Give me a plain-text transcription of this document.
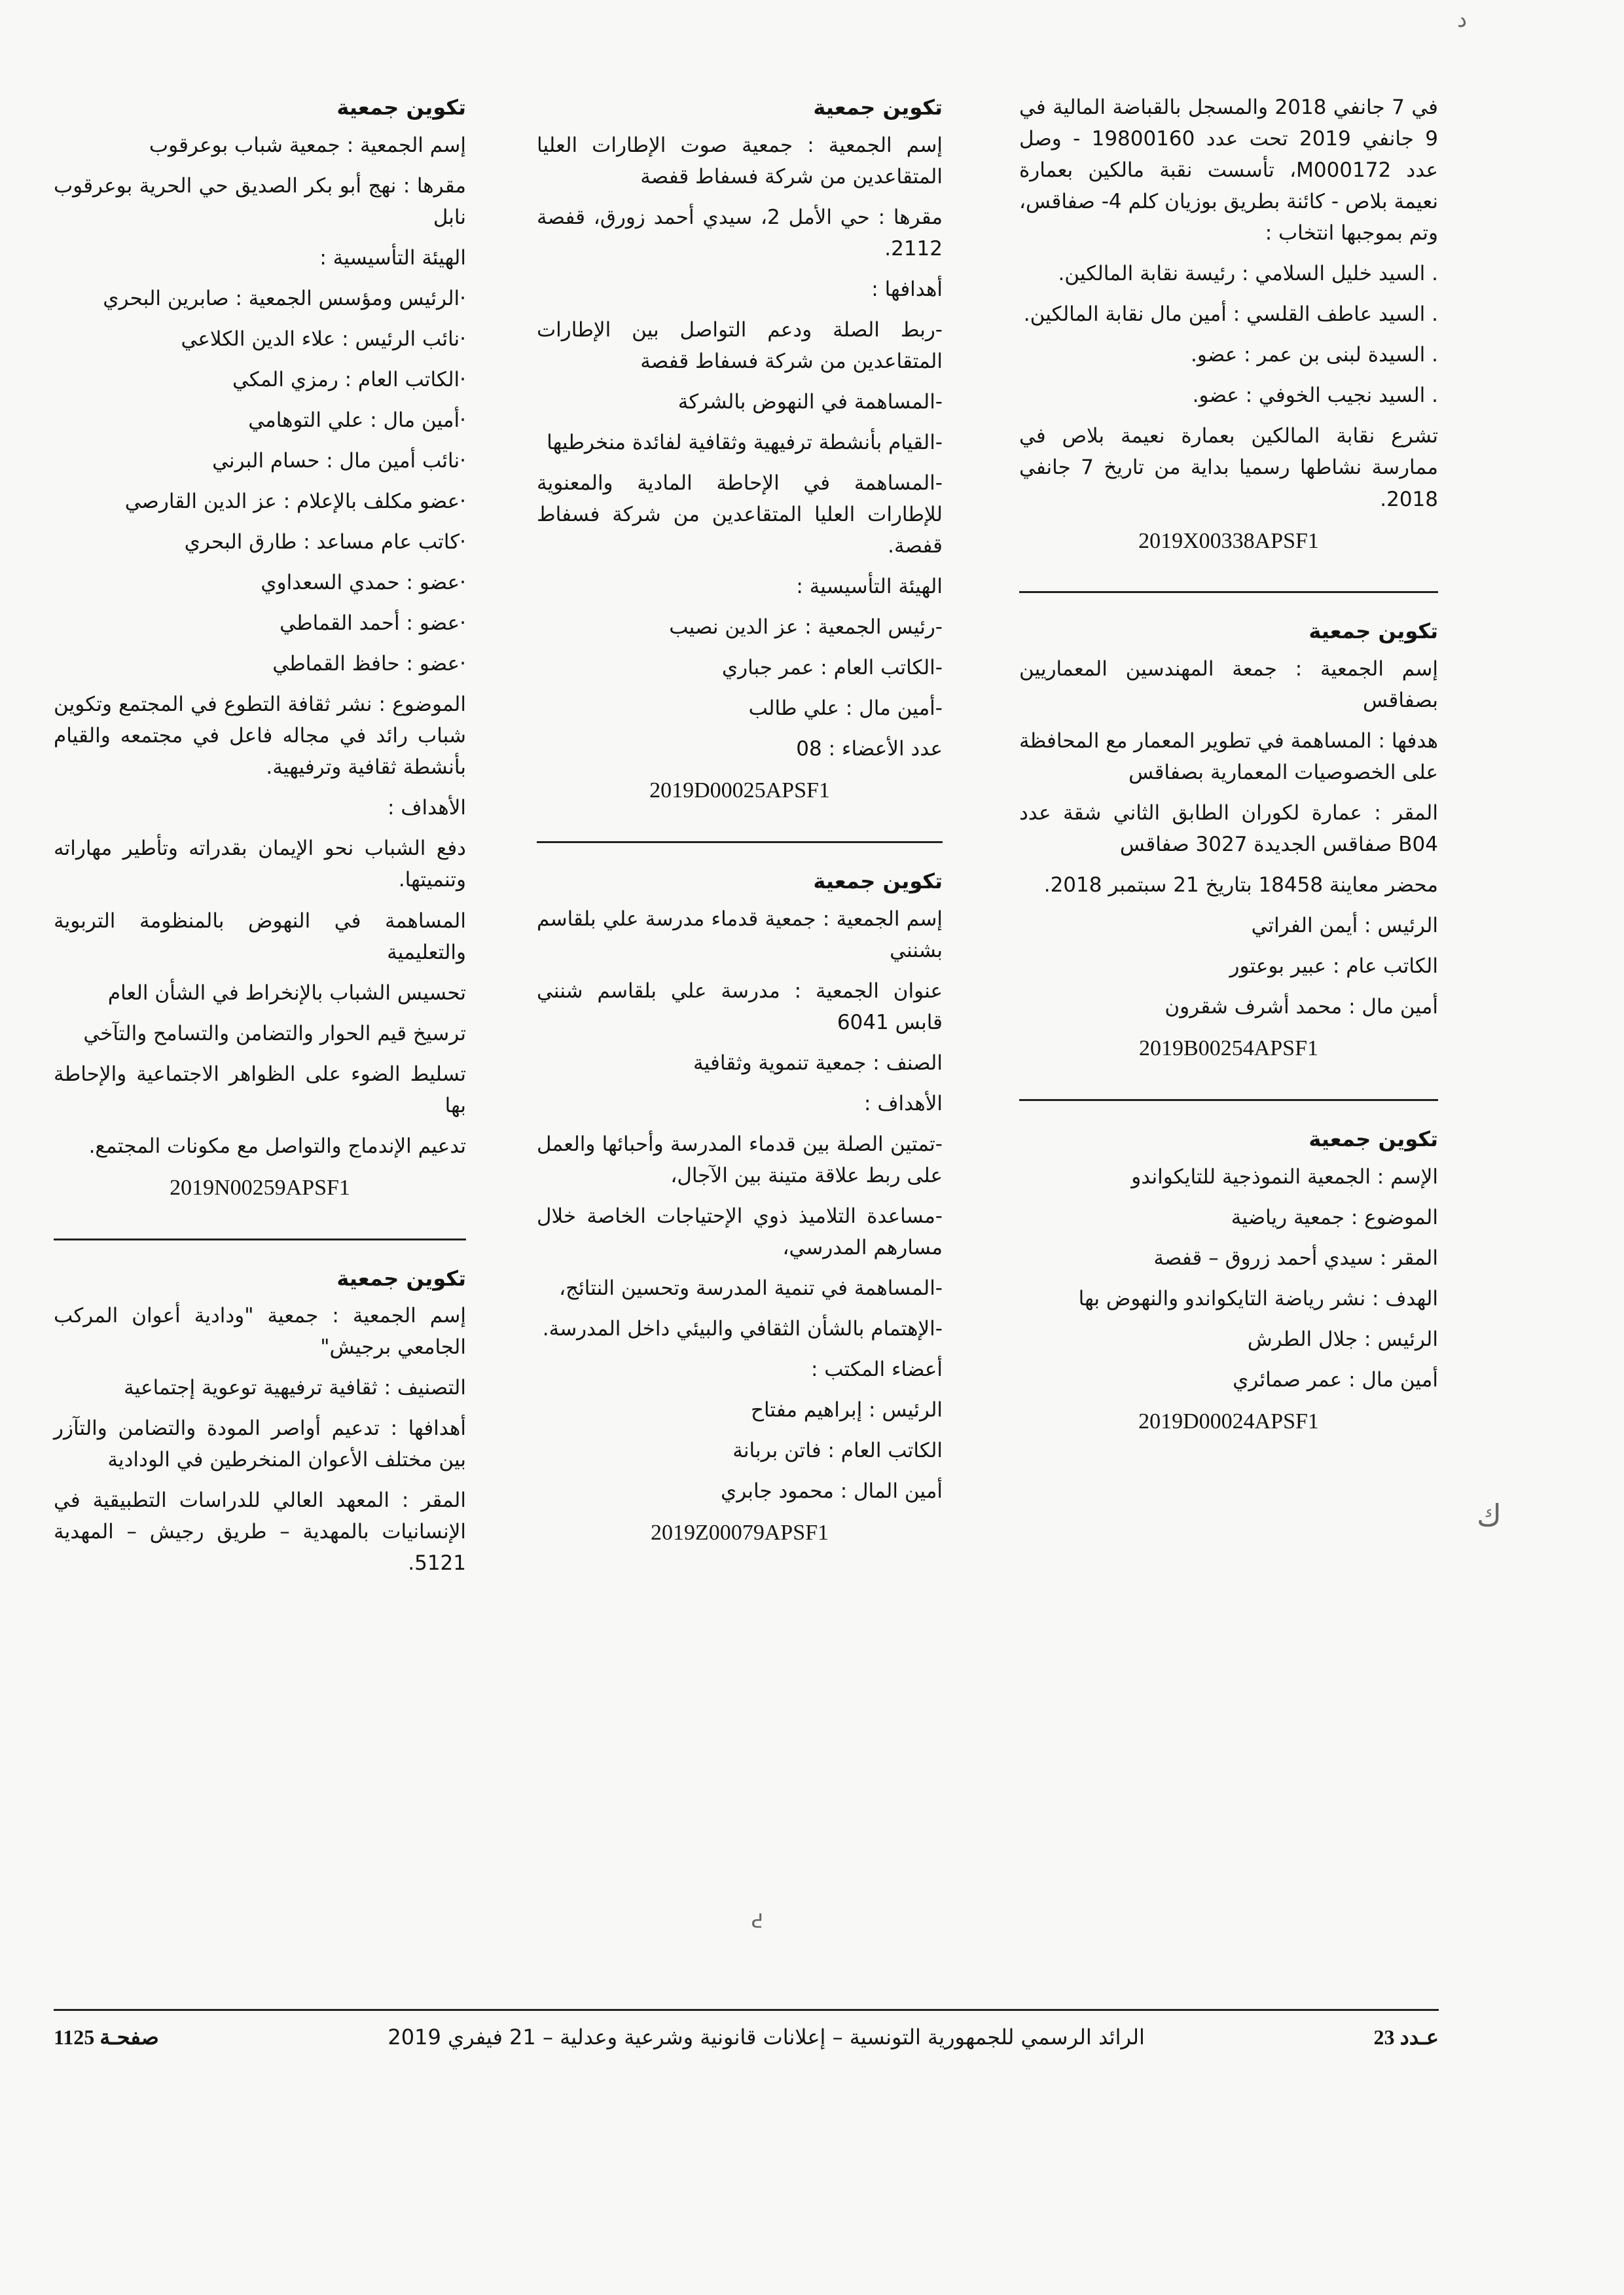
في 7 جانفي 2018 والمسجل بالقباضة المالية في 9 جانفي 2019 تحت عدد 19800160 - وصل عدد M000172، تأسست نقبة مالكين بعمارة نعيمة بلاص - كائنة بطريق بوزيان كلم 4- صفاقس، وتم بموجبها انتخاب :

. السيد خليل السلامي : رئيسة نقابة المالكين.

. السيد عاطف القلسي : أمين مال نقابة المالكين.

. السيدة لبنى بن عمر : عضو.

. السيد نجيب الخوفي : عضو.

تشرع نقابة المالكين بعمارة نعيمة بلاص في ممارسة نشاطها رسميا بداية من تاريخ 7 جانفي 2018.

2019X00338APSF1

تكوين جمعية

إسم الجمعية : جمعة المهندسين المعماريين بصفاقس

هدفها : المساهمة في تطوير المعمار مع المحافظة على الخصوصيات المعمارية بصفاقس

المقر : عمارة لكوران الطابق الثاني شقة عدد B04 صفاقس الجديدة 3027 صفاقس

محضر معاينة 18458 بتاريخ 21 سبتمبر 2018.

الرئيس : أيمن الفراتي

الكاتب عام : عبير بوعتور

أمين مال : محمد أشرف شقرون

2019B00254APSF1

تكوين جمعية

الإسم : الجمعية النموذجية للتايكواندو

الموضوع : جمعية رياضية

المقر : سيدي أحمد زروق – قفصة

الهدف : نشر رياضة التايكواندو والنهوض بها

الرئيس : جلال الطرش

أمين مال : عمر صمائري

2019D00024APSF1

تكوين جمعية

إسم الجمعية : جمعية صوت الإطارات العليا المتقاعدين من شركة فسفاط قفصة

مقرها : حي الأمل 2، سيدي أحمد زورق، قفصة 2112.

أهدافها :

-ربط الصلة ودعم التواصل بين الإطارات المتقاعدين من شركة فسفاط قفصة

-المساهمة في النهوض بالشركة

-القيام بأنشطة ترفيهية وثقافية لفائدة منخرطيها

-المساهمة في الإحاطة المادية والمعنوية للإطارات العليا المتقاعدين من شركة فسفاط قفصة.

الهيئة التأسيسية :

-رئيس الجمعية : عز الدين نصيب

-الكاتب العام : عمر جباري

-أمين مال : علي طالب

عدد الأعضاء : 08

2019D00025APSF1

تكوين جمعية

إسم الجمعية : جمعية قدماء مدرسة علي بلقاسم بشنني

عنوان الجمعية : مدرسة علي بلقاسم شنني قابس 6041

الصنف : جمعية تنموية وثقافية

الأهداف :

-تمتين الصلة بين قدماء المدرسة وأحبائها والعمل على ربط علاقة متينة بين الآجال،

-مساعدة التلاميذ ذوي الإحتياجات الخاصة خلال مسارهم المدرسي،

-المساهمة في تنمية المدرسة وتحسين النتائج،

-الإهتمام بالشأن الثقافي والبيئي داخل المدرسة.

أعضاء المكتب :

الرئيس : إبراهيم مفتاح

الكاتب العام : فاتن بربانة

أمين المال : محمود جابري

2019Z00079APSF1

تكوين جمعية

إسم الجمعية : جمعية شباب بوعرقوب

مقرها : نهج أبو بكر الصديق حي الحرية بوعرقوب نابل

الهيئة التأسيسية :

·الرئيس ومؤسس الجمعية : صابرين البحري

·نائب الرئيس : علاء الدين الكلاعي

·الكاتب العام : رمزي المكي

·أمين مال : علي التوهامي

·نائب أمين مال : حسام البرني

·عضو مكلف بالإعلام : عز الدين القارصي

·كاتب عام مساعد : طارق البحري

·عضو : حمدي السعداوي

·عضو : أحمد القماطي

·عضو : حافظ القماطي

الموضوع : نشر ثقافة التطوع في المجتمع وتكوين شباب رائد في مجاله فاعل في مجتمعه والقيام بأنشطة ثقافية وترفيهية.

الأهداف :

دفع الشباب نحو الإيمان بقدراته وتأطير مهاراته وتنميتها.

المساهمة في النهوض بالمنظومة التربوية والتعليمية

تحسيس الشباب بالإنخراط في الشأن العام

ترسيخ قيم الحوار والتضامن والتسامح والتآخي

تسليط الضوء على الظواهر الاجتماعية والإحاطة بها

تدعيم الإندماج والتواصل مع مكونات المجتمع.

2019N00259APSF1

تكوين جمعية

إسم الجمعية : جمعية "ودادية أعوان المركب الجامعي برجيش"

التصنيف : ثقافية ترفيهية توعوية إجتماعية

أهدافها : تدعيم أواصر المودة والتضامن والتآزر بين مختلف الأعوان المنخرطين في الودادية

المقر : المعهد العالي للدراسات التطبيقية في الإنسانيات بالمهدية – طريق رجيش – المهدية 5121.

ﺩ
ﻙ
ᕍ
عـدد 23
الرائد الرسمي للجمهورية التونسية – إعلانات قانونية وشرعية وعدلية – 21 فيفري 2019
صفحـة 1125
